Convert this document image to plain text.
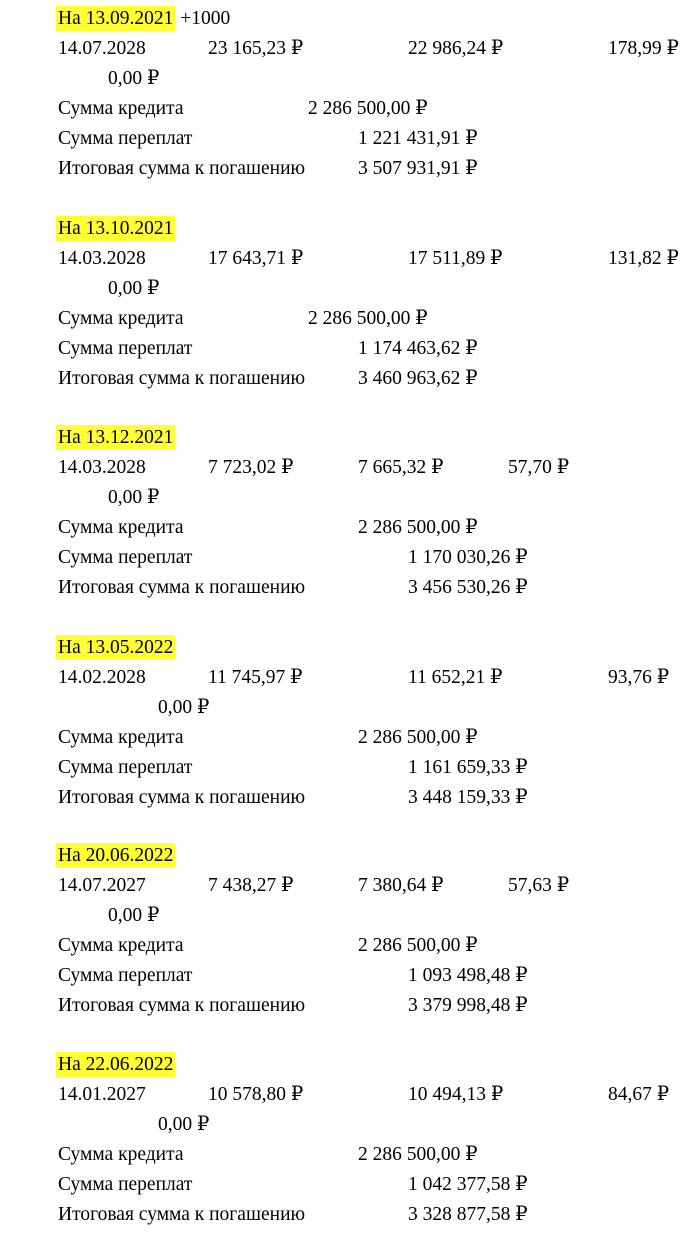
На 13.09.2021 +1000
14.07.2028	23 165,23 ₽	22 986,24 ₽	178,99 ₽
0,00 ₽
Сумма кредита	2 286 500,00 ₽
Сумма переплат	1 221 431,91 ₽
Итоговая сумма к погашению	3 507 931,91 ₽
На 13.10.2021
14.03.2028	17 643,71 ₽	17 511,89 ₽	131,82 ₽
0,00 ₽
Сумма кредита	2 286 500,00 ₽
Сумма переплат	1 174 463,62 ₽
Итоговая сумма к погашению	3 460 963,62 ₽
На 13.12.2021
14.03.2028	7 723,02 ₽	7 665,32 ₽	57,70 ₽
0,00 ₽
Сумма кредита	2 286 500,00 ₽
Сумма переплат	1 170 030,26 ₽
Итоговая сумма к погашению	3 456 530,26 ₽
На 13.05.2022
14.02.2028	11 745,97 ₽	11 652,21 ₽	93,76 ₽
0,00 ₽
Сумма кредита	2 286 500,00 ₽
Сумма переплат	1 161 659,33 ₽
Итоговая сумма к погашению	3 448 159,33 ₽
На 20.06.2022
14.07.2027	7 438,27 ₽	7 380,64 ₽	57,63 ₽
0,00 ₽
Сумма кредита	2 286 500,00 ₽
Сумма переплат	1 093 498,48 ₽
Итоговая сумма к погашению	3 379 998,48 ₽
На 22.06.2022
14.01.2027	10 578,80 ₽	10 494,13 ₽	84,67 ₽
0,00 ₽
Сумма кредита	2 286 500,00 ₽
Сумма переплат	1 042 377,58 ₽
Итоговая сумма к погашению	3 328 877,58 ₽
